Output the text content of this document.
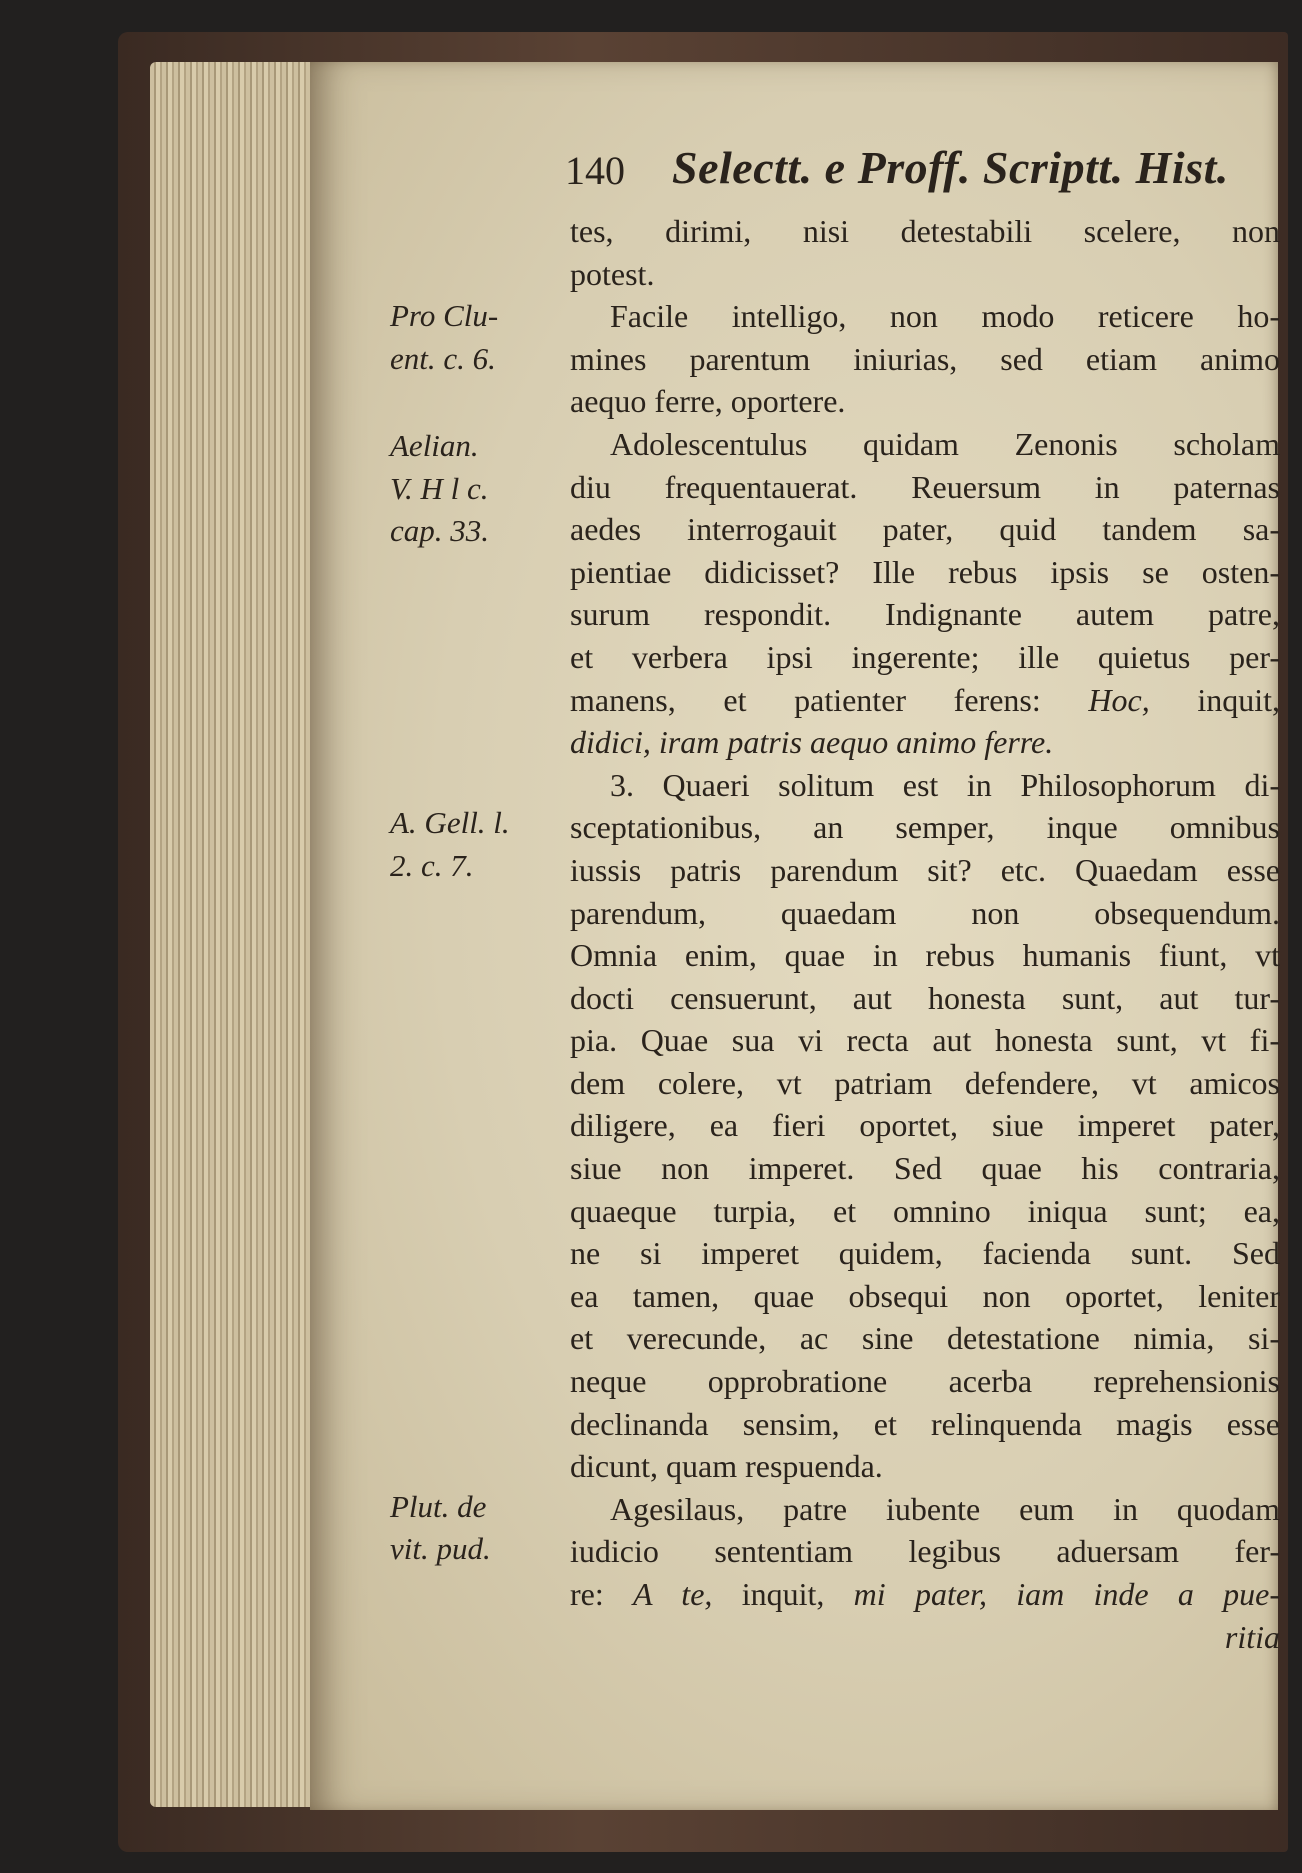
140 Selectt. e Proff. Scriptt. Hist.
Pro Clu-
ent. c. 6.
Aelian.
V. H l c.
cap. 33.
A. Gell. l.
2. c. 7.
Plut. de
vit. pud.
tes, dirimi, nisi detestabili scelere, non
potest.
Facile intelligo, non modo reticere ho-
mines parentum iniurias, sed etiam animo
aequo ferre, oportere.
Adolescentulus quidam Zenonis scholam
diu frequentauerat. Reuersum in paternas
aedes interrogauit pater, quid tandem sa-
pientiae didicisset? Ille rebus ipsis se osten-
surum respondit. Indignante autem patre,
et verbera ipsi ingerente; ille quietus per-
manens, et patienter ferens: Hoc, inquit,
didici, iram patris aequo animo ferre.
3. Quaeri solitum est in Philosophorum di-
sceptationibus, an semper, inque omnibus
iussis patris parendum sit? etc. Quaedam esse
parendum, quaedam non obsequendum.
Omnia enim, quae in rebus humanis fiunt, vt
docti censuerunt, aut honesta sunt, aut tur-
pia. Quae sua vi recta aut honesta sunt, vt fi-
dem colere, vt patriam defendere, vt amicos
diligere, ea fieri oportet, siue imperet pater,
siue non imperet. Sed quae his contraria,
quaeque turpia, et omnino iniqua sunt; ea,
ne si imperet quidem, facienda sunt. Sed
ea tamen, quae obsequi non oportet, leniter
et verecunde, ac sine detestatione nimia, si-
neque opprobratione acerba reprehensionis
declinanda sensim, et relinquenda magis esse
dicunt, quam respuenda.
Agesilaus, patre iubente eum in quodam
iudicio sententiam legibus aduersam fer-
re: A te, inquit, mi pater, iam inde a pue-
ritia
